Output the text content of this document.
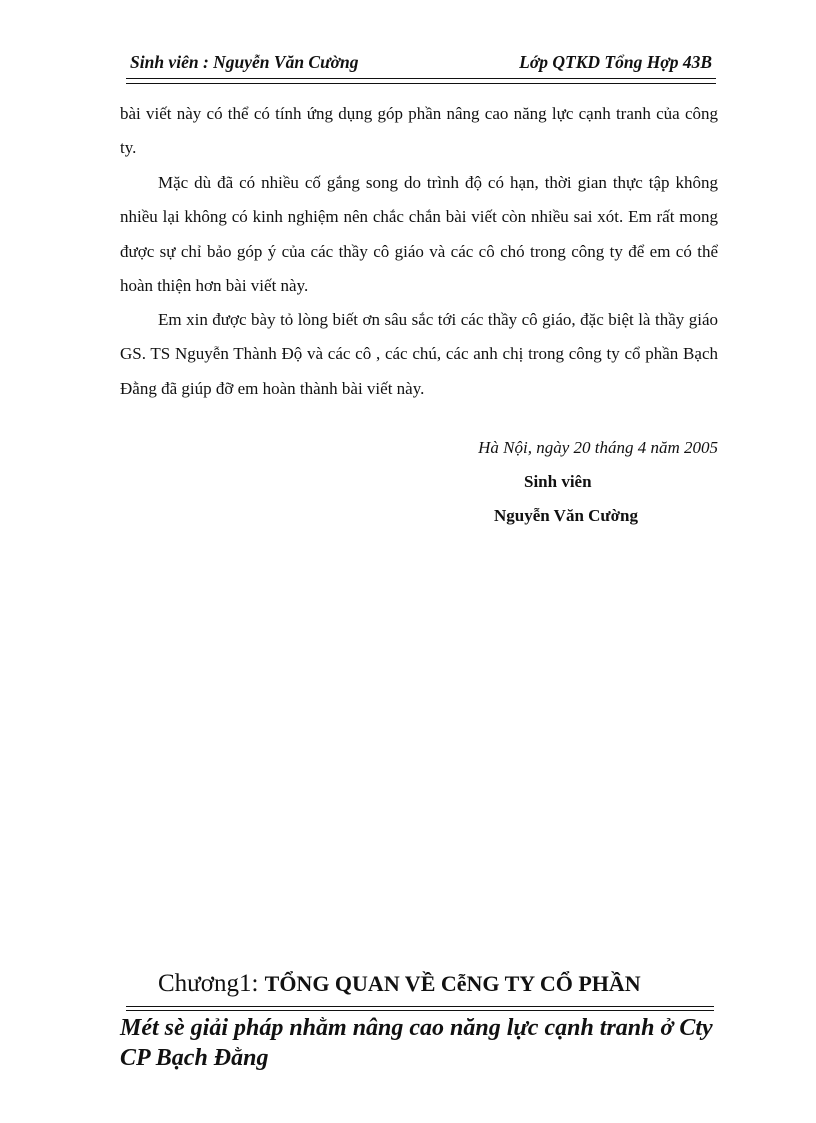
Sinh viên : Nguyễn Văn Cường	Lớp QTKD Tổng Hợp 43B

bài viết này có thể có tính ứng dụng góp phần nâng cao năng lực cạnh tranh của công ty.

Mặc dù đã có nhiều cố gắng song do trình độ có hạn, thời gian thực tập không nhiều lại không có kinh nghiệm nên chắc chắn bài viết còn nhiều sai xót. Em rất mong được sự chỉ bảo góp ý của các thầy cô giáo và các cô chó trong công ty để em có thể hoàn thiện hơn bài viết này.

Em xin được bày tỏ lòng biết ơn sâu sắc tới các thầy cô giáo, đặc biệt là thầy giáo GS. TS Nguyễn Thành Độ và các cô , các chú, các anh chị trong công ty cổ phần Bạch Đằng đã giúp đỡ em hoàn thành bài viết này.

Hà Nội, ngày 20 tháng 4 năm 2005
Sinh viên
Nguyễn Văn Cường
Chương1: TỔNG QUAN VỀ CễNG TY CỔ PHẦN
Mét sè giải pháp nhằm nâng cao năng lực cạnh tranh ở Cty CP Bạch Đằng
